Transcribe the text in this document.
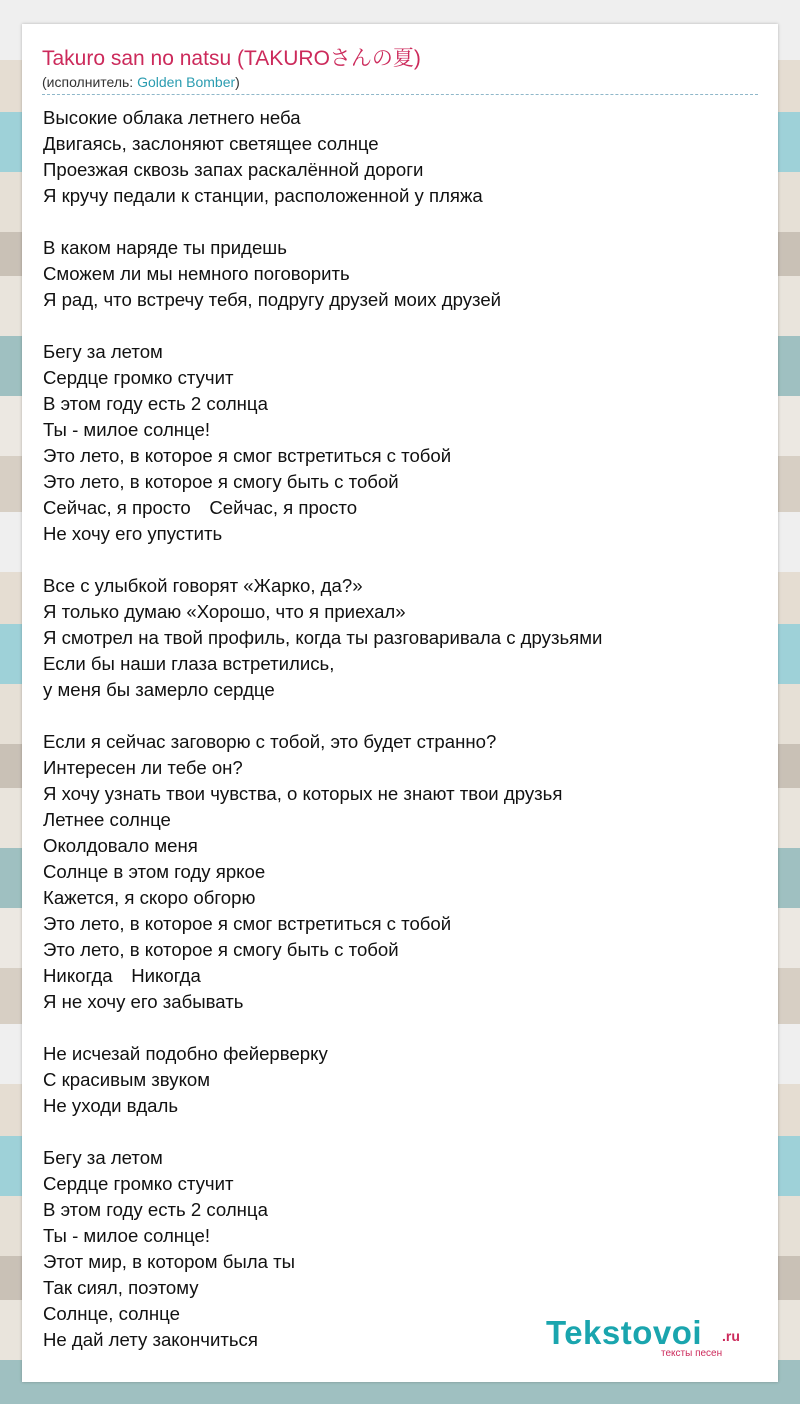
Takuro san no natsu (TAKUROさんの夏)
(исполнитель: Golden Bomber)
Высокие облака летнего неба
Двигаясь, заслоняют светящее солнце
Проезжая сквозь запах раскалённой дороги
Я кручу педали к станции, расположенной у пляжа
В каком наряде ты придешь
Сможем ли мы немного поговорить
Я рад, что встречу тебя, подругу друзей моих друзей
Бегу за летом
Сердце громко стучит
В этом году есть 2 солнца
Ты - милое солнце!
Это лето, в которое я смог встретиться с тобой
Это лето, в которое я смогу быть с тобой
Сейчас, я просто　Сейчас, я просто
Не хочу его упустить
Все с улыбкой говорят «Жарко, да?»
Я только думаю «Хорошо, что я приехал»
Я смотрел на твой профиль, когда ты разговаривала с друзьями
Если бы наши глаза встретились,
у меня бы замерло сердце
Если я сейчас заговорю с тобой, это будет странно?
Интересен ли тебе он?
Я хочу узнать твои чувства, о которых не знают твои друзья
Летнее солнце
Околдовало меня
Солнце в этом году яркое
Кажется, я скоро обгорю
Это лето, в которое я смог встретиться с тобой
Это лето, в которое я смогу быть с тобой
Никогда　Никогда
Я не хочу его забывать
Не исчезай подобно фейерверку
С красивым звуком
Не уходи вдаль
Бегу за летом
Сердце громко стучит
В этом году есть 2 солнца
Ты - милое солнце!
Этот мир, в котором была ты
Так сиял, поэтому
Солнце, солнце
Не дай лету закончиться	Tekstovoi .ru
тексты песен
